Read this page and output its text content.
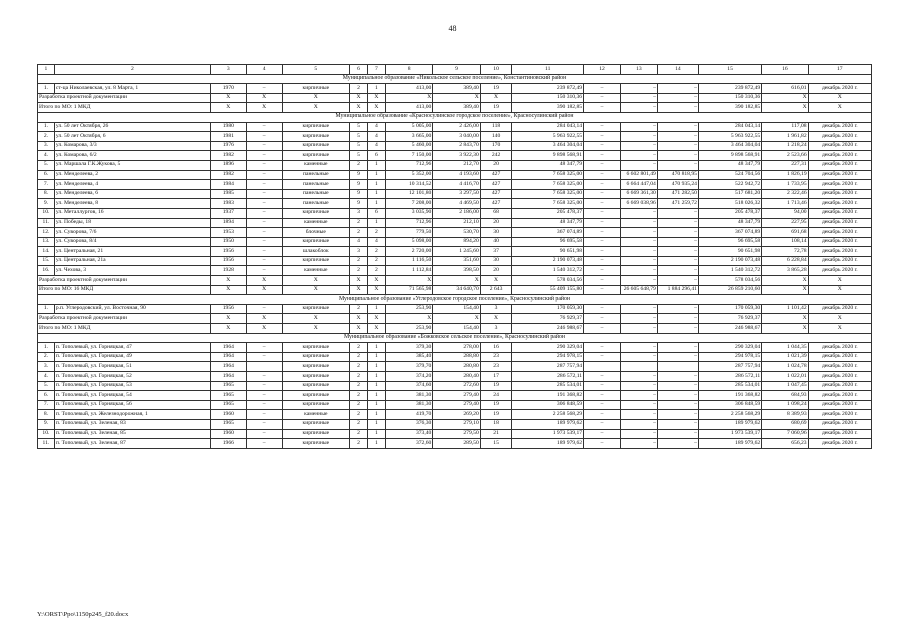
48
1	2	3	4	5	6	7	8	9	10	11	12	13	14	15	16	17
Муниципальное образование «Никольское сельское поселение», Константиновский район																
1.	ст-ца Николаевская, ул. 8 Марта, 1	1970	–	кирпичные	2	1	413,00	389,40	19	239 872,49	–	–	–	239 872,49	616,01	декабрь 2020 г.
Разработка проектной документации		X	X	X	X	X	X	X	X	150 310,36	–	–	–	150 310,36	X	X
Итого по МО: 1 МКД		X	X	X	X	X	413,00	389,40	19	390 182,85	–	–	–	390 182,85	X	X
Муниципальное образование «Красносулинское городское поселение», Красносулинский район																
1.	ул. 50 лет Октября, 26	1980	–	кирпичные	5	4	5 005,00	2 426,00	118	284 043,14	–	–	–	284 043,14	117,08	декабрь 2020 г.
2.	ул. 50 лет Октября, 6	1981	–	кирпичные	5	4	3 665,00	3 040,00	140	5 963 922,55	–	–	–	5 963 922,55	1 961,82	декабрь 2020 г.
3.	ул. Комарова, 3/3	1976	–	кирпичные	5	4	5 460,00	2 843,70	170	3 464 304,04	–	–	–	3 464 304,04	1 218,24	декабрь 2020 г.
4.	ул. Комарова, 6/2	1982	–	кирпичные	5	6	7 150,00	3 922,30	242	9 898 568,91	–	–	–	9 898 568,91	2 523,66	декабрь 2020 г.
5.	ул. Маршала Г.К.Жукова, 5	1896	–	каменные	2	1	712,96	212,70	20	48 347,79	–	–	–	48 347,79	227,31	декабрь 2020 г.
6.	ул. Менделеева, 2	1982	–	панельные	9	1	5 352,00	4 193,60	427	7 658 325,00	–	6 602 801,49	470 818,95	524 704,56	1 826,19	декабрь 2020 г.
7.	ул. Менделеева, 4	1984	–	панельные	9	1	10 314,52	4 416,70	427	7 658 325,00	–	6 664 447,04	470 935,24	522 942,72	1 733,95	декабрь 2020 г.
8.	ул. Менделеева, 6	1985	–	панельные	9	1	12 101,80	3 297,50	427	7 658 325,00	–	6 669 361,30	471 282,50	517 681,20	2 322,46	декабрь 2020 г.
9.	ул. Менделеева, 8	1983	–	панельные	9	1	7 208,00	4 469,50	427	7 658 325,00	–	6 669 038,96	471 259,72	518 026,32	1 713,46	декабрь 2020 г.
10.	ул. Металлургов, 16	1937	–	кирпичные	3	6	3 035,90	2 186,00	68	205 478,37	–	–	–	205 478,37	94,00	декабрь 2020 г.
11.	ул. Победы, 18	1894	–	каменные	2	1	712,96	212,10	20	48 347,79	–	–	–	48 347,79	227,95	декабрь 2020 г.
12.	ул. Суворова, 7/6	1953	–	блочные	2	2	779,50	530,70	30	367 074,89	–	–	–	367 074,89	691,68	декабрь 2020 г.
13.	ул. Суворова, 8/4	1950	–	кирпичные	4	4	5 098,00	894,20	40	96 695,58	–	–	–	96 695,58	108,14	декабрь 2020 г.
14.	ул. Центральная, 21	1956	–	шлакоблок	3	2	2 720,00	1 245,60	37	90 651,98	–	–	–	90 651,98	72,78	декабрь 2020 г.
15.	ул. Центральная, 21а	1956	–	кирпичные	2	2	1 116,50	351,60	30	2 190 073,48	–	–	–	2 190 073,48	6 228,84	декабрь 2020 г.
16.	ул. Чехова, 3	1928	–	каменные	2	2	1 112,84	398,50	20	1 540 312,72	–	–	–	1 540 312,72	3 865,28	декабрь 2020 г.
Разработка проектной документации		X	X	X	X	X	X	X	X	578 034,56	–	–	–	578 034,56	X	X
Итого по МО: 16 МКД		X	X	X	X	X	71 565,98	34 640,70	2 643	55 409 155,80	–	26 605 648,79	1 884 296,41	26 859 210,60	X	X
Муниципальное образование «Углеродовское городское поселение», Красносулинский район																
1.	р.п. Углеродовский, ул. Восточная, 90	1956	–	кирпичные	2	1	253,90	154,40	3	170 059,30	–	–	–	170 059,30	1 101,42	декабрь 2020 г.
Разработка проектной документации		X	X	X	X	X	X	X	X	76 929,37	–	–	–	76 929,37	X	X
Итого по МО: 1 МКД		X	X	X	X	X	253,90	154,40	3	246 988,67	–	–	–	246 988,67	X	X
Муниципальное образование «Божковское сельское поселение», Красносулинский район																
1.	п. Тополевый, ул. Горняцкая, 47	1964	–	кирпичные	2	1	379,30	278,00	16	290 329,04	–	–	–	290 329,04	1 044,35	декабрь 2020 г.
2.	п. Тополевый, ул. Горняцкая, 49	1964	–	кирпичные	2	1	385,40	288,80	23	294 978,15	–	–	–	294 978,15	1 021,39	декабрь 2020 г.
3.	п. Тополевый, ул. Горняцкая, 51	1964		кирпичные	2	1	379,70	280,80	23	287 757,94				287 757,94	1 024,78	декабрь 2020 г.
4.	п. Тополевый, ул. Горняцкая, 52	1964	–	кирпичные	2	1	374,20	280,40	17	286 572,11	–	–	–	286 572,11	1 022,01	декабрь 2020 г.
5.	п. Тополевый, ул. Горняцкая, 53	1965	–	кирпичные	2	1	374,60	272,60	19	285 534,01	–	–	–	285 534,01	1 047,45	декабрь 2020 г.
6.	п. Тополевый, ул. Горняцкая, 54	1965	–	кирпичные	2	1	381,30	279,40	24	191 368,82	–	–	–	191 368,82	684,93	декабрь 2020 г.
7.	п. Тополевый, ул. Горняцкая, 56	1965	–	кирпичные	2	1	381,30	279,40	19	306 848,59	–	–	–	306 848,59	1 098,24	декабрь 2020 г.
8.	п. Тополевый, ул. Железнодорожная, 1	1960	–	каменные	2	1	419,70	269,20	19	2 258 568,29	–	–	–	2 258 568,29	8 389,93	декабрь 2020 г.
9.	п. Тополевый, ул. Зеленая, 83	1965	–	кирпичные	2	1	376,30	279,10	18	189 979,62	–	–	–	189 979,62	680,69	декабрь 2020 г.
10.	п. Тополевый, ул. Зеленая, 85	1960	–	кирпичные	2	1	373,40	279,50	21	1 973 539,17	–	–	–	1 973 539,17	7 060,96	декабрь 2020 г.
11.	п. Тополевый, ул. Зеленая, 87	1966	–	кирпичные	2	1	372,60	289,50	15	189 979,62	–	–	–	189 979,62	656,23	декабрь 2020 г.
Y:\ORST\Ppo\1150p245_f20.docx
